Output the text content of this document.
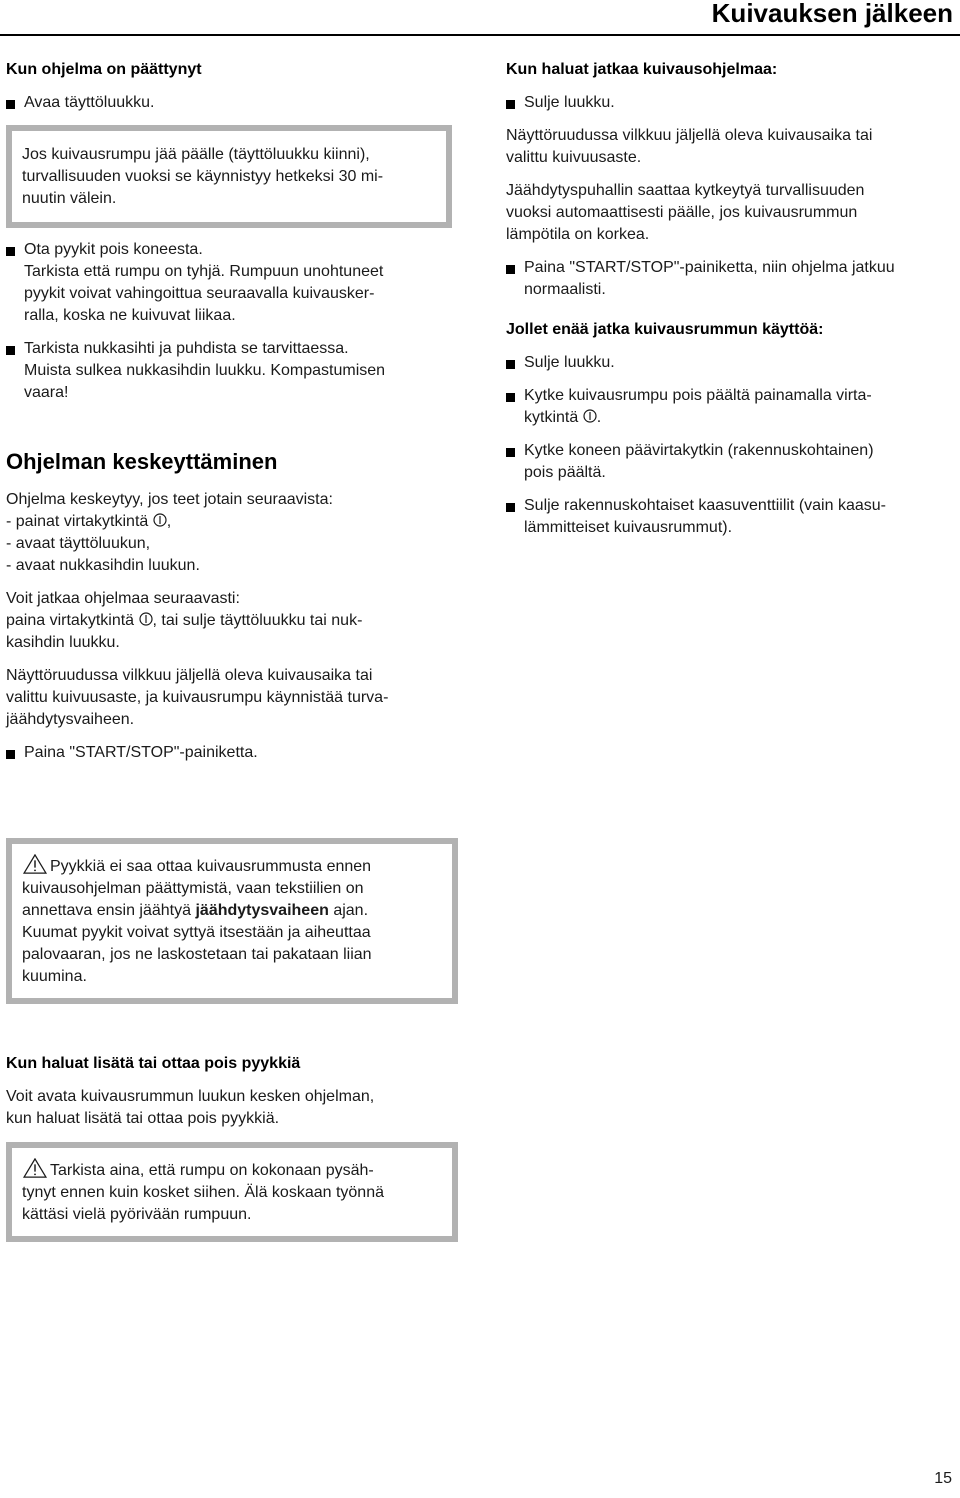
Kuivauksen jälkeen
Kun ohjelma on päättynyt
Avaa täyttöluukku.
Jos kuivausrumpu jää päälle (täyttöluukku kiinni),
turvallisuuden vuoksi se käynnistyy hetkeksi 30 mi-
nuutin välein.
Ota pyykit pois koneesta.
Tarkista että rumpu on tyhjä. Rumpuun unohtuneet
pyykit voivat vahingoittua seuraavalla kuivausker-
ralla, koska ne kuivuvat liikaa.
Tarkista nukkasihti ja puhdista se tarvittaessa.
Muista sulkea nukkasihdin luukku. Kompastumisen
vaara!
Ohjelman keskeyttäminen
Ohjelma keskeytyy, jos teet jotain seuraavista:
- painat virtakytkintä ,
- avaat täyttöluukun,
- avaat nukkasihdin luukun.
Voit jatkaa ohjelmaa seuraavasti:
paina virtakytkintä , tai sulje täyttöluukku tai nuk-
kasihdin luukku.
Näyttöruudussa vilkkuu jäljellä oleva kuivausaika tai
valittu kuivuusaste, ja kuivausrumpu käynnistää turva-
jäähdytysvaiheen.
Paina "START/STOP"-painiketta.
Pyykkiä ei saa ottaa kuivausrummusta ennen
kuivausohjelman päättymistä, vaan tekstiilien on
annettava ensin jäähtyä jäähdytysvaiheen ajan.
Kuumat pyykit voivat syttyä itsestään ja aiheuttaa
palovaaran, jos ne laskostetaan tai pakataan liian
kuumina.
Kun haluat lisätä tai ottaa pois pyykkiä
Voit avata kuivausrummun luukun kesken ohjelman,
kun haluat lisätä tai ottaa pois pyykkiä.
Tarkista aina, että rumpu on kokonaan pysäh-
tynyt ennen kuin kosket siihen. Älä koskaan työnnä
kättäsi vielä pyörivään rumpuun.
Kun haluat jatkaa kuivausohjelmaa:
Sulje luukku.
Näyttöruudussa vilkkuu jäljellä oleva kuivausaika tai
valittu kuivuusaste.
Jäähdytyspuhallin saattaa kytkeytyä turvallisuuden
vuoksi automaattisesti päälle, jos kuivausrummun
lämpötila on korkea.
Paina "START/STOP"-painiketta, niin ohjelma jatkuu
normaalisti.
Jollet enää jatka kuivausrummun käyttöä:
Sulje luukku.
Kytke kuivausrumpu pois päältä painamalla virta-
kytkintä .
Kytke koneen päävirtakytkin (rakennuskohtainen)
pois päältä.
Sulje rakennuskohtaiset kaasuventtiilit (vain kaasu-
lämmitteiset kuivausrummut).
15
